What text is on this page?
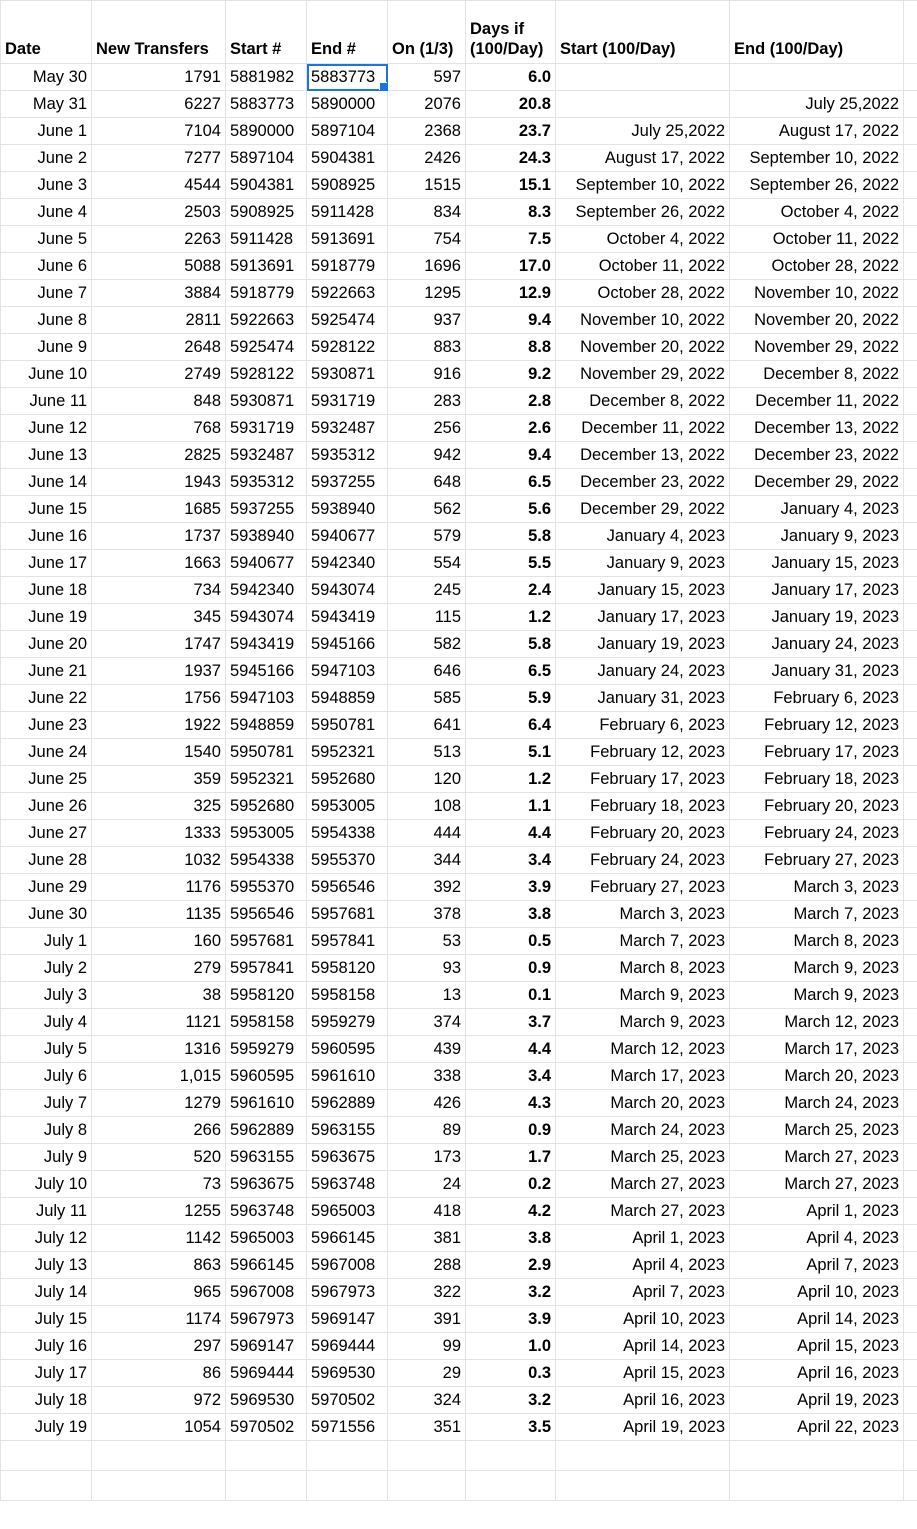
Date	New Transfers	Start #	End #	On (1/3)	Days if
(100/Day)	Start (100/Day)	End (100/Day)	
May 30	1791	5881982	5883773	597	6.0			
May 31	6227	5883773	5890000	2076	20.8		July 25,2022	
June 1	7104	5890000	5897104	2368	23.7	July 25,2022	August 17, 2022	
June 2	7277	5897104	5904381	2426	24.3	August 17, 2022	September 10, 2022	
June 3	4544	5904381	5908925	1515	15.1	September 10, 2022	September 26, 2022	
June 4	2503	5908925	5911428	834	8.3	September 26, 2022	October 4, 2022	
June 5	2263	5911428	5913691	754	7.5	October 4, 2022	October 11, 2022	
June 6	5088	5913691	5918779	1696	17.0	October 11, 2022	October 28, 2022	
June 7	3884	5918779	5922663	1295	12.9	October 28, 2022	November 10, 2022	
June 8	2811	5922663	5925474	937	9.4	November 10, 2022	November 20, 2022	
June 9	2648	5925474	5928122	883	8.8	November 20, 2022	November 29, 2022	
June 10	2749	5928122	5930871	916	9.2	November 29, 2022	December 8, 2022	
June 11	848	5930871	5931719	283	2.8	December 8, 2022	December 11, 2022	
June 12	768	5931719	5932487	256	2.6	December 11, 2022	December 13, 2022	
June 13	2825	5932487	5935312	942	9.4	December 13, 2022	December 23, 2022	
June 14	1943	5935312	5937255	648	6.5	December 23, 2022	December 29, 2022	
June 15	1685	5937255	5938940	562	5.6	December 29, 2022	January 4, 2023	
June 16	1737	5938940	5940677	579	5.8	January 4, 2023	January 9, 2023	
June 17	1663	5940677	5942340	554	5.5	January 9, 2023	January 15, 2023	
June 18	734	5942340	5943074	245	2.4	January 15, 2023	January 17, 2023	
June 19	345	5943074	5943419	115	1.2	January 17, 2023	January 19, 2023	
June 20	1747	5943419	5945166	582	5.8	January 19, 2023	January 24, 2023	
June 21	1937	5945166	5947103	646	6.5	January 24, 2023	January 31, 2023	
June 22	1756	5947103	5948859	585	5.9	January 31, 2023	February 6, 2023	
June 23	1922	5948859	5950781	641	6.4	February 6, 2023	February 12, 2023	
June 24	1540	5950781	5952321	513	5.1	February 12, 2023	February 17, 2023	
June 25	359	5952321	5952680	120	1.2	February 17, 2023	February 18, 2023	
June 26	325	5952680	5953005	108	1.1	February 18, 2023	February 20, 2023	
June 27	1333	5953005	5954338	444	4.4	February 20, 2023	February 24, 2023	
June 28	1032	5954338	5955370	344	3.4	February 24, 2023	February 27, 2023	
June 29	1176	5955370	5956546	392	3.9	February 27, 2023	March 3, 2023	
June 30	1135	5956546	5957681	378	3.8	March 3, 2023	March 7, 2023	
July 1	160	5957681	5957841	53	0.5	March 7, 2023	March 8, 2023	
July 2	279	5957841	5958120	93	0.9	March 8, 2023	March 9, 2023	
July 3	38	5958120	5958158	13	0.1	March 9, 2023	March 9, 2023	
July 4	1121	5958158	5959279	374	3.7	March 9, 2023	March 12, 2023	
July 5	1316	5959279	5960595	439	4.4	March 12, 2023	March 17, 2023	
July 6	1,015	5960595	5961610	338	3.4	March 17, 2023	March 20, 2023	
July 7	1279	5961610	5962889	426	4.3	March 20, 2023	March 24, 2023	
July 8	266	5962889	5963155	89	0.9	March 24, 2023	March 25, 2023	
July 9	520	5963155	5963675	173	1.7	March 25, 2023	March 27, 2023	
July 10	73	5963675	5963748	24	0.2	March 27, 2023	March 27, 2023	
July 11	1255	5963748	5965003	418	4.2	March 27, 2023	April 1, 2023	
July 12	1142	5965003	5966145	381	3.8	April 1, 2023	April 4, 2023	
July 13	863	5966145	5967008	288	2.9	April 4, 2023	April 7, 2023	
July 14	965	5967008	5967973	322	3.2	April 7, 2023	April 10, 2023	
July 15	1174	5967973	5969147	391	3.9	April 10, 2023	April 14, 2023	
July 16	297	5969147	5969444	99	1.0	April 14, 2023	April 15, 2023	
July 17	86	5969444	5969530	29	0.3	April 15, 2023	April 16, 2023	
July 18	972	5969530	5970502	324	3.2	April 16, 2023	April 19, 2023	
July 19	1054	5970502	5971556	351	3.5	April 19, 2023	April 22, 2023	
